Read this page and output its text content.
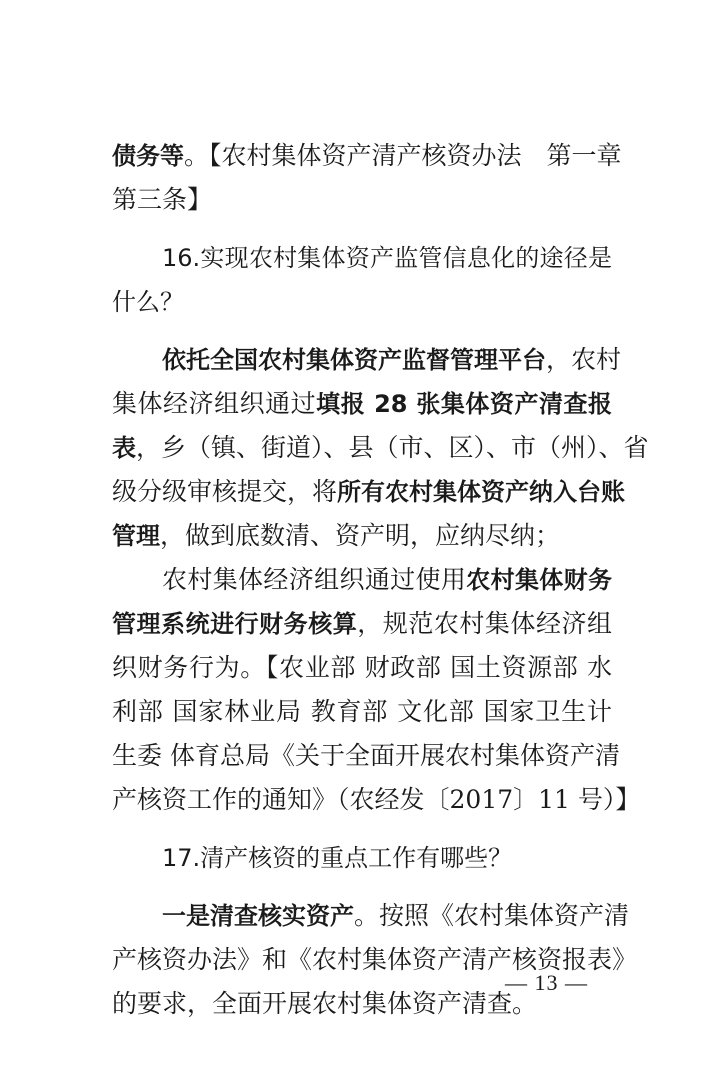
债务等。【农村集体资产清产核资办法　第一章
第三条】
16.实现农村集体资产监管信息化的途径是
什么？
依托全国农村集体资产监督管理平台，农村
集体经济组织通过填报 28 张集体资产清查报
表，乡（镇、街道）、县（市、区）、市（州）、省
级分级审核提交，将所有农村集体资产纳入台账
管理，做到底数清、资产明，应纳尽纳；
农村集体经济组织通过使用农村集体财务
管理系统进行财务核算，规范农村集体经济组
织财务行为。【农业部 财政部 国土资源部 水
利部 国家林业局 教育部 文化部 国家卫生计
生委 体育总局《关于全面开展农村集体资产清
产核资工作的通知》（农经发〔2017〕11 号）】
17.清产核资的重点工作有哪些？
一是清查核实资产。按照《农村集体资产清
产核资办法》和《农村集体资产清产核资报表》
的要求，全面开展农村集体资产清查。
— 13 —
